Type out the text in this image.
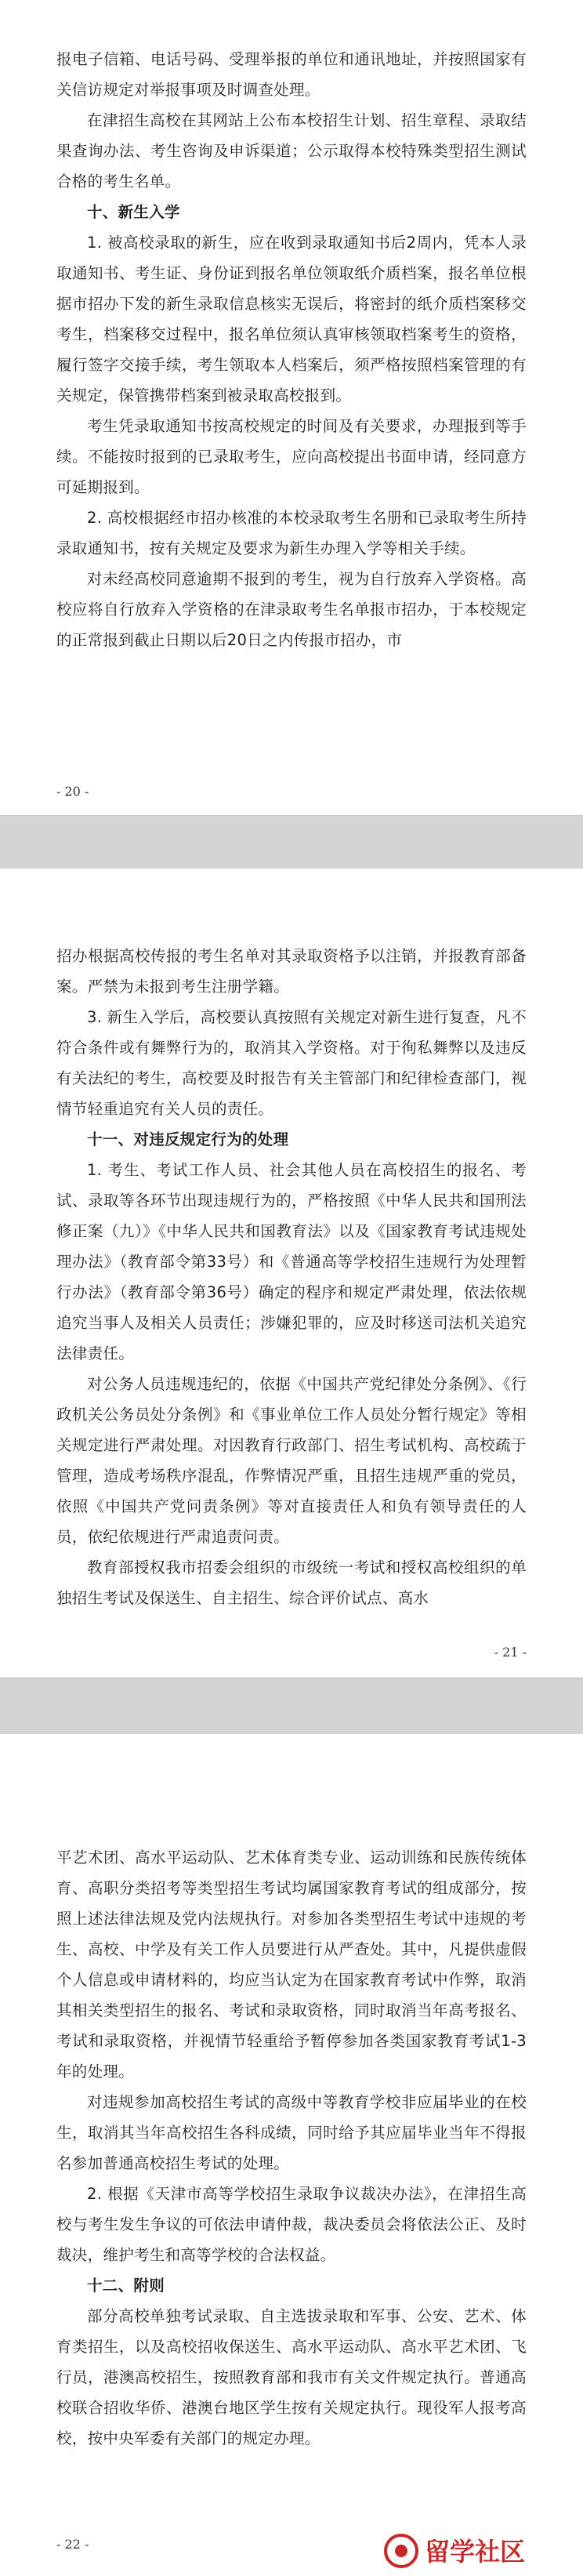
报电子信箱、电话号码、受理举报的单位和通讯地址，并按照国家有关信访规定对举报事项及时调查处理。

在津招生高校在其网站上公布本校招生计划、招生章程、录取结果查询办法、考生咨询及申诉渠道；公示取得本校特殊类型招生测试合格的考生名单。

十、新生入学

1. 被高校录取的新生，应在收到录取通知书后2周内，凭本人录取通知书、考生证、身份证到报名单位领取纸介质档案，报名单位根据市招办下发的新生录取信息核实无误后，将密封的纸介质档案移交考生，档案移交过程中，报名单位须认真审核领取档案考生的资格，履行签字交接手续，考生领取本人档案后，须严格按照档案管理的有关规定，保管携带档案到被录取高校报到。

考生凭录取通知书按高校规定的时间及有关要求，办理报到等手续。不能按时报到的已录取考生，应向高校提出书面申请，经同意方可延期报到。

2. 高校根据经市招办核准的本校录取考生名册和已录取考生所持录取通知书，按有关规定及要求为新生办理入学等相关手续。

对未经高校同意逾期不报到的考生，视为自行放弃入学资格。高校应将自行放弃入学资格的在津录取考生名单报市招办，于本校规定的正常报到截止日期以后20日之内传报市招办，市

- 20 -

招办根据高校传报的考生名单对其录取资格予以注销，并报教育部备案。严禁为未报到考生注册学籍。

3. 新生入学后，高校要认真按照有关规定对新生进行复查，凡不符合条件或有舞弊行为的，取消其入学资格。对于徇私舞弊以及违反有关法纪的考生，高校要及时报告有关主管部门和纪律检查部门，视情节轻重追究有关人员的责任。

十一、对违反规定行为的处理

1. 考生、考试工作人员、社会其他人员在高校招生的报名、考试、录取等各环节出现违规行为的，严格按照《中华人民共和国刑法修正案（九）》《中华人民共和国教育法》以及《国家教育考试违规处理办法》（教育部令第33号）和《普通高等学校招生违规行为处理暂行办法》（教育部令第36号）确定的程序和规定严肃处理，依法依规追究当事人及相关人员责任；涉嫌犯罪的，应及时移送司法机关追究法律责任。

对公务人员违规违纪的，依据《中国共产党纪律处分条例》、《行政机关公务员处分条例》和《事业单位工作人员处分暂行规定》等相关规定进行严肃处理。对因教育行政部门、招生考试机构、高校疏于管理，造成考场秩序混乱，作弊情况严重，且招生违规严重的党员，依照《中国共产党问责条例》等对直接责任人和负有领导责任的人员，依纪依规进行严肃追责问责。

教育部授权我市招委会组织的市级统一考试和授权高校组织的单独招生考试及保送生、自主招生、综合评价试点、高水

- 21 -

平艺术团、高水平运动队、艺术体育类专业、运动训练和民族传统体育、高职分类招考等类型招生考试均属国家教育考试的组成部分，按照上述法律法规及党内法规执行。对参加各类型招生考试中违规的考生、高校、中学及有关工作人员要进行从严查处。其中，凡提供虚假个人信息或申请材料的，均应当认定为在国家教育考试中作弊，取消其相关类型招生的报名、考试和录取资格，同时取消当年高考报名、考试和录取资格，并视情节轻重给予暂停参加各类国家教育考试1-3年的处理。

对违规参加高校招生考试的高级中等教育学校非应届毕业的在校生，取消其当年高校招生各科成绩，同时给予其应届毕业当年不得报名参加普通高校招生考试的处理。

2. 根据《天津市高等学校招生录取争议裁决办法》，在津招生高校与考生发生争议的可依法申请仲裁，裁决委员会将依法公正、及时裁决，维护考生和高等学校的合法权益。

十二、附则

部分高校单独考试录取、自主选拔录取和军事、公安、艺术、体育类招生，以及高校招收保送生、高水平运动队、高水平艺术团、飞行员，港澳高校招生，按照教育部和我市有关文件规定执行。普通高校联合招收华侨、港澳台地区学生按有关规定执行。现役军人报考高校，按中央军委有关部门的规定办理。

- 22 -	留学社区
